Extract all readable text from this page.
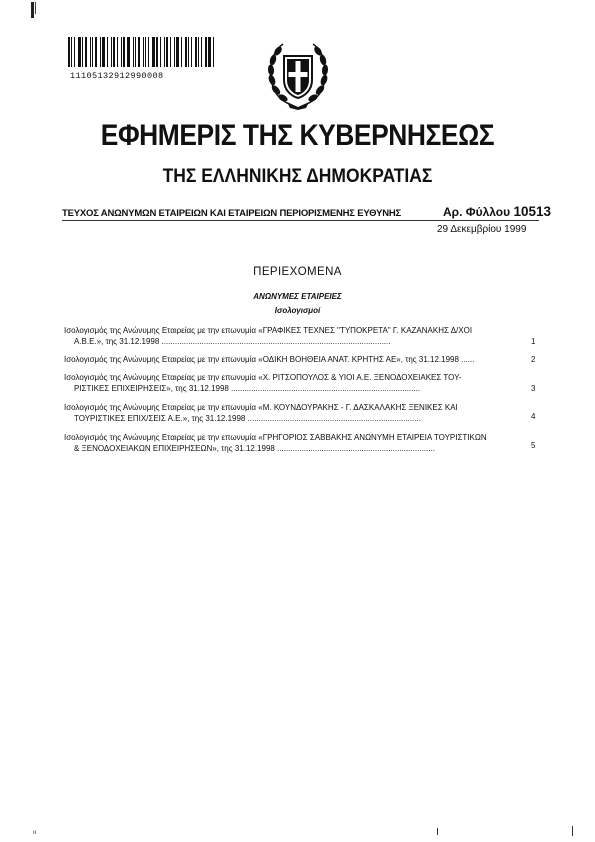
11105132912990008
ΕΦΗΜΕΡΙΣ ΤΗΣ ΚΥΒΕΡΝΗΣΕΩΣ
ΤΗΣ ΕΛΛΗΝΙΚΗΣ ΔΗΜΟΚΡΑΤΙΑΣ
ΤΕΥΧΟΣ ΑΝΩΝΥΜΩΝ ΕΤΑΙΡΕΙΩΝ ΚΑΙ ΕΤΑΙΡΕΙΩΝ ΠΕΡΙΟΡΙΣΜΕΝΗΣ ΕΥΘΥΝΗΣ	Αρ. Φύλλου 10513
29 Δεκεμβρίου 1999
ΠΕΡΙΕΧΟΜΕΝΑ
ΑΝΩΝΥΜΕΣ ΕΤΑΙΡΕΙΕΣ
Ισολογισμοί
Ισολογισμός της Ανώνυμης Εταιρείας με την επωνυμία «ΓΡΑΦΙΚΕΣ ΤΕΧΝΕΣ "ΤΥΠΟΚΡΕΤΑ" Γ. ΚΑΖΑΝΑΚΗΣ Δ/ΧΟΙ
Α.Β.Ε.», της 31.12.1998 .......................................................................................................	1
Ισολογισμός της Ανώνυμης Εταιρείας με την επωνυμία «ΟΔΙΚΗ ΒΟΗΘΕΙΑ ΑΝΑΤ. ΚΡΗΤΗΣ ΑΕ», της 31.12.1998 ......	2
Ισολογισμός της Ανώνυμης Εταιρείας με την επωνυμία «Χ. ΡΙΤΣΟΠΟΥΛΟΣ & ΥΙΟΙ Α.Ε. ΞΕΝΟΔΟΧΕΙΑΚΕΣ ΤΟΥ-
ΡΙΣΤΙΚΕΣ ΕΠΙΧΕΙΡΗΣΕΙΣ», της 31.12.1998 .....................................................................................	3
Ισολογισμός της Ανώνυμης Εταιρείας με την επωνυμία «Μ. ΚΟΥΝΔΟΥΡΑΚΗΣ - Γ. ΔΑΣΚΑΛΑΚΗΣ ΞΕΝΙΚΕΣ ΚΑΙ
ΤΟΥΡΙΣΤΙΚΕΣ ΕΠΙΧ/ΣΕΙΣ Α.Ε.», της 31.12.1998 ..............................................................................	4
Ισολογισμός της Ανώνυμης Εταιρείας με την επωνυμία «ΓΡΗΓΟΡΙΟΣ ΣΑΒΒΑΚΗΣ ΑΝΩΝΥΜΗ ΕΤΑΙΡΕΙΑ ΤΟΥΡΙΣΤΙΚΩΝ
& ΞΕΝΟΔΟΧΕΙΑΚΩΝ ΕΠΙΧΕΙΡΗΣΕΩΝ», της 31.12.1998 .......................................................................	5
ıı
